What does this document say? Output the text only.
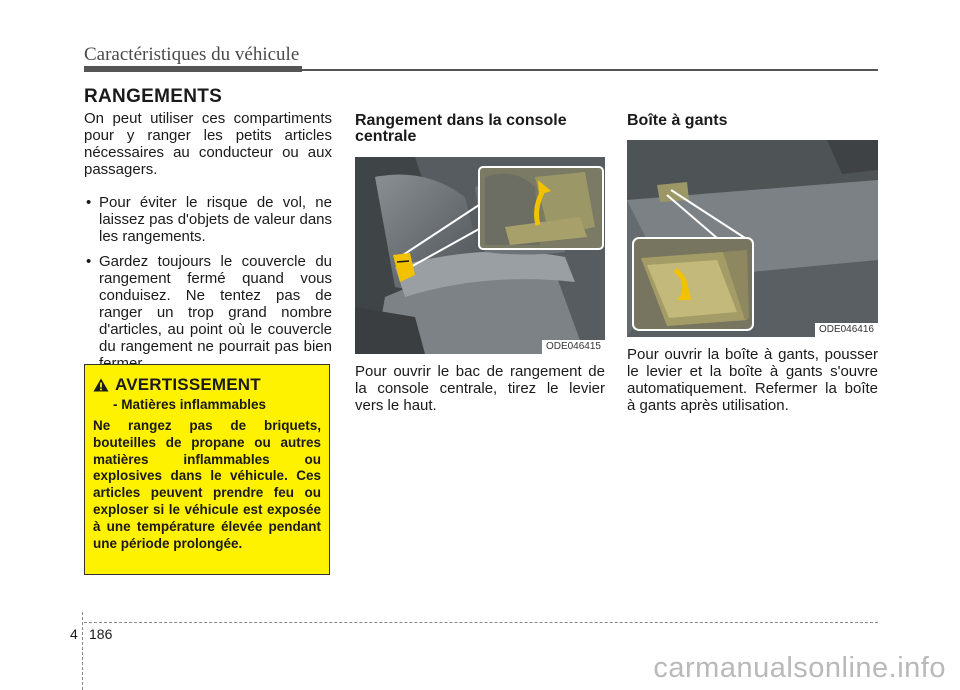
Caractéristiques du véhicule
RANGEMENTS

On peut utiliser ces compartiments pour y ranger les petits articles nécessaires au conducteur ou aux passagers.

• Pour éviter le risque de vol, ne laissez pas d'objets de valeur dans les rangements.
• Gardez toujours le couvercle du rangement fermé quand vous conduisez. Ne tentez pas de ranger un trop grand nombre d'articles, au point où le couvercle du rangement ne pourrait pas bien
AVERTISSEMENT
- Matières inflammables

Ne rangez pas de briquets, bouteilles de propane ou autres matières inflammables ou explosives dans le véhicule. Ces articles peuvent prendre feu ou exploser si le véhicule est exposée à une température élevée pendant une période prolongée.

Rangement dans la console centrale
ODE046415

Pour ouvrir le bac de rangement de la console centrale, tirez le levier vers le haut.

Boîte à gants
ODE046416

Pour ouvrir la boîte à gants, pousser le levier et la boîte à gants s'ouvre automatiquement. Refermer la boîte à gants après utilisation.

4 186
carmanualsonline.info
